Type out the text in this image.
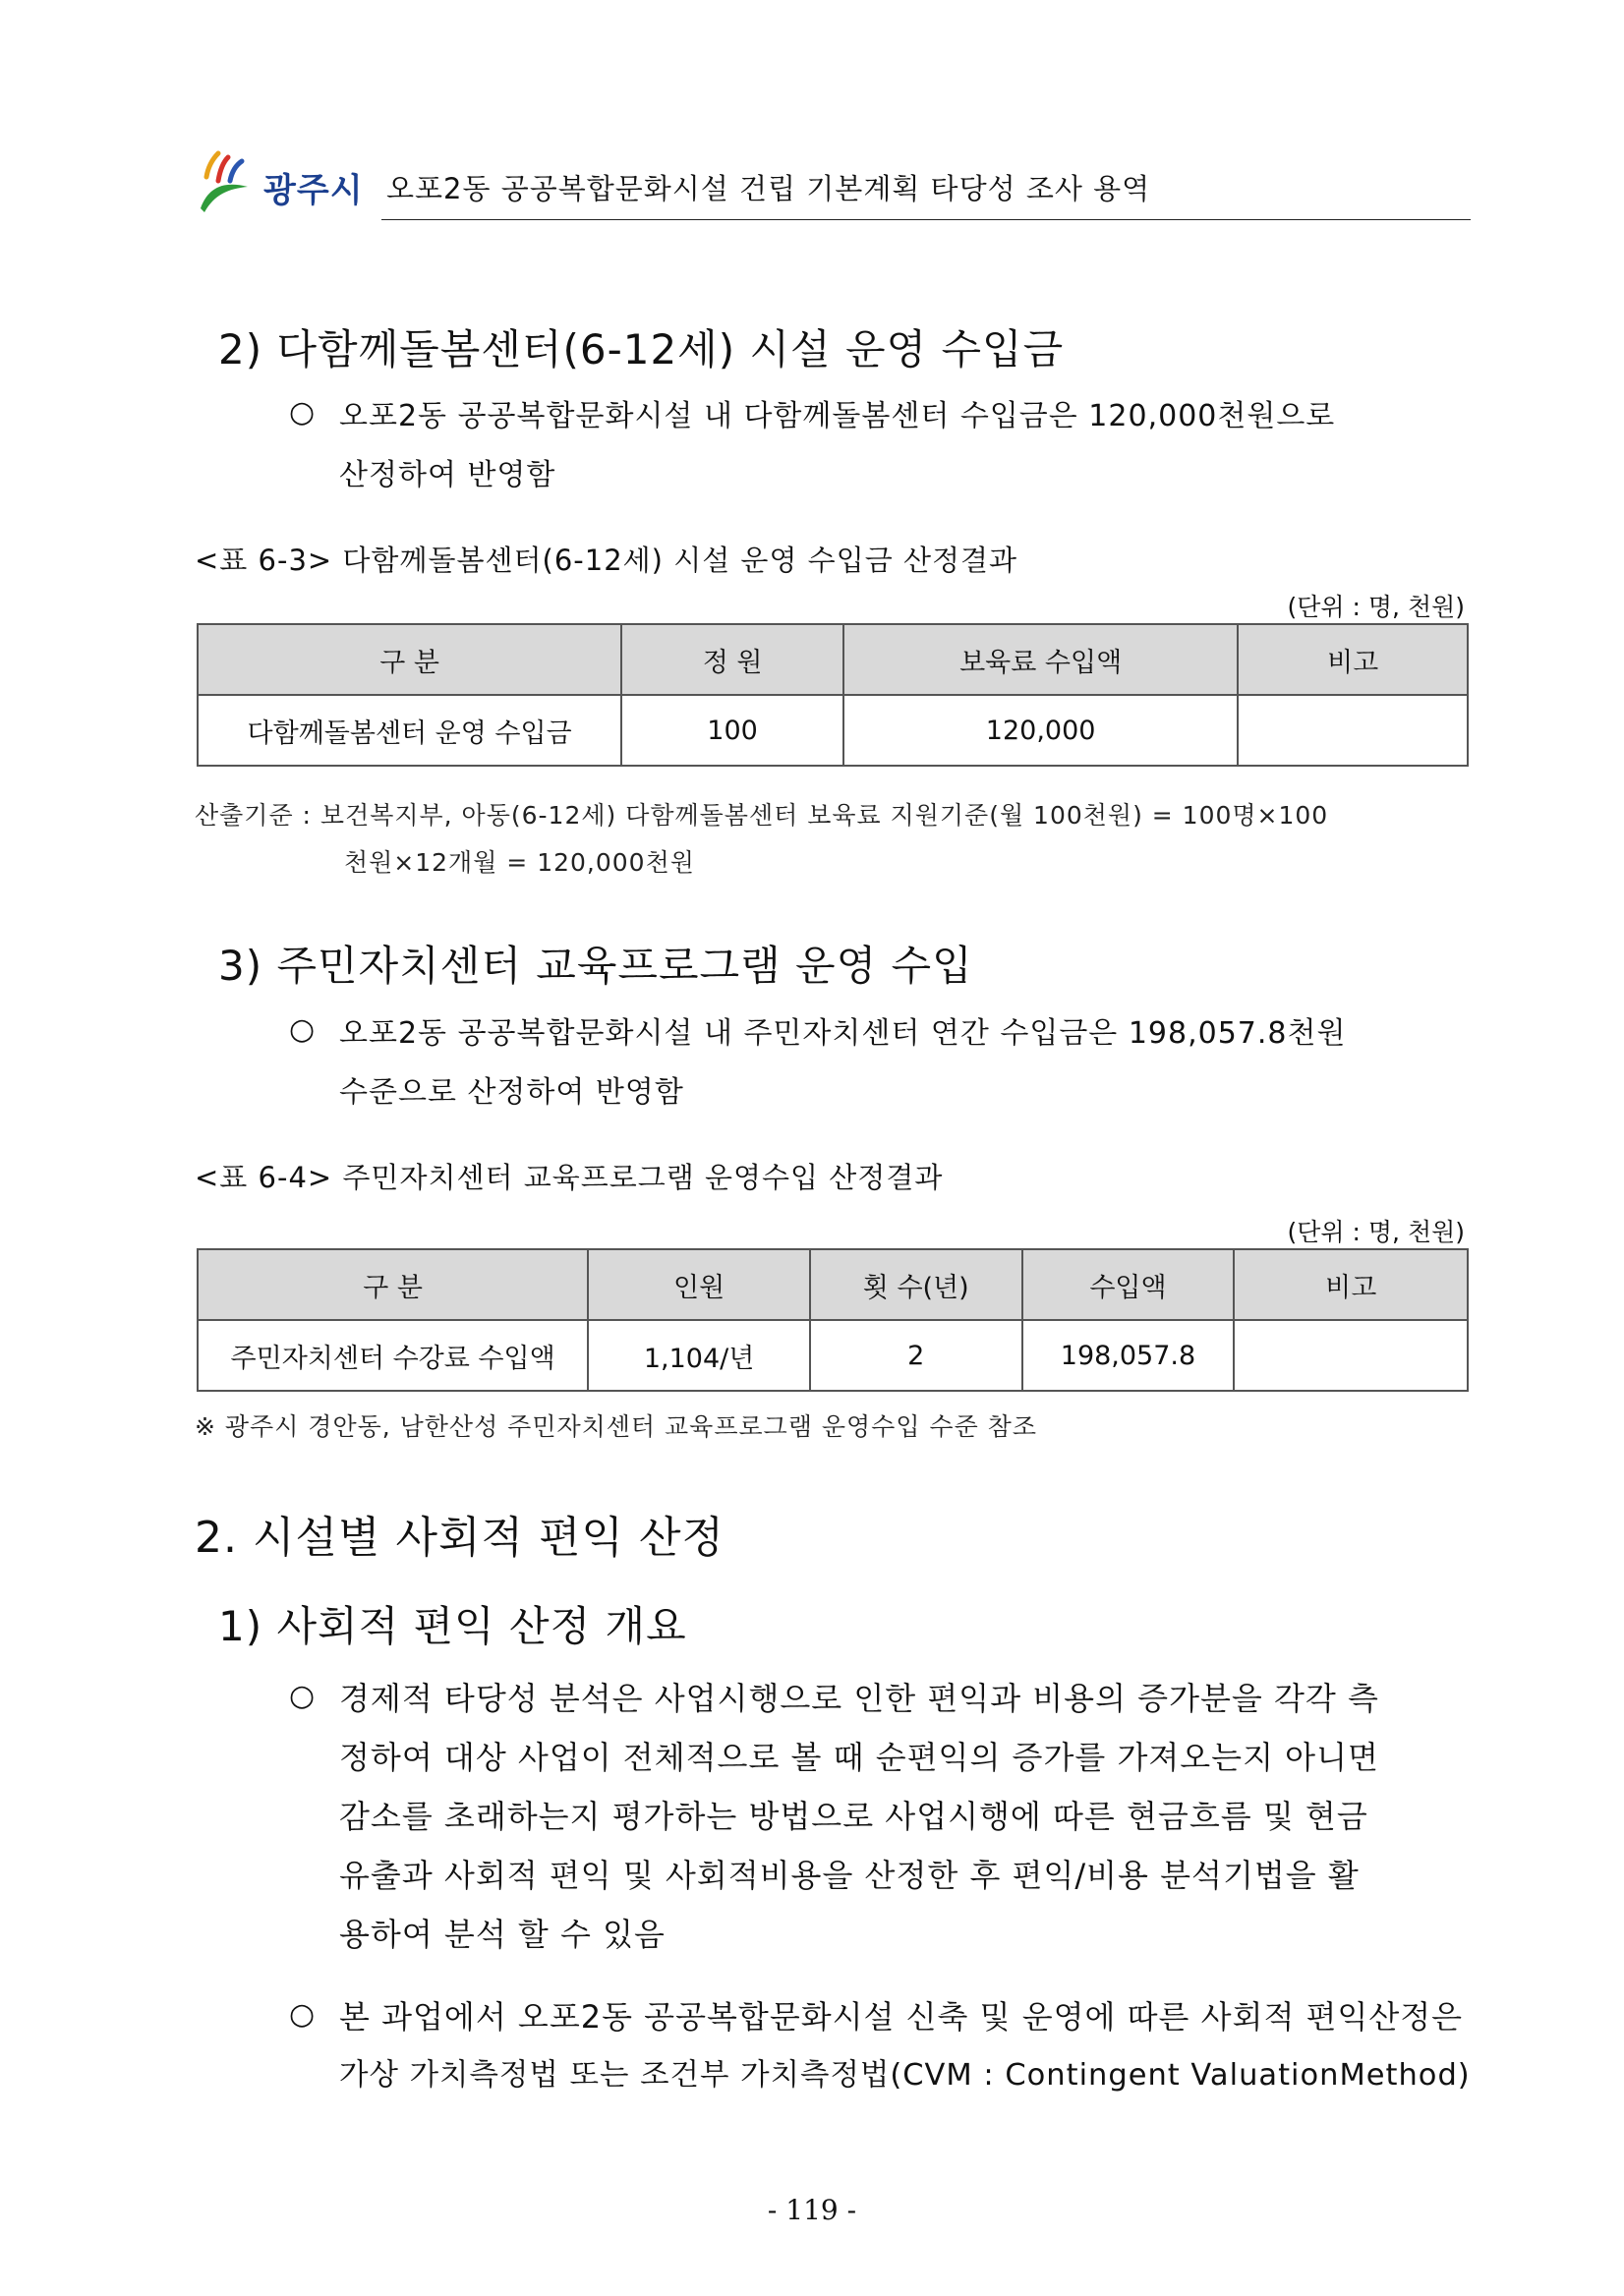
광주시 오포2동 공공복합문화시설 건립 기본계획 타당성 조사 용역
2) 다함께돌봄센터(6-12세) 시설 운영 수입금
○ 오포2동 공공복합문화시설 내 다함께돌봄센터 수입금은 120,000천원으로
산정하여 반영함
<표 6-3> 다함께돌봄센터(6-12세) 시설 운영 수입금 산정결과
(단위 : 명, 천원)
구 분	정 원	보육료 수입액	비고
다함께돌봄센터 운영 수입금	100	120,000	
산출기준 : 보건복지부, 아동(6-12세) 다함께돌봄센터 보육료 지원기준(월 100천원) = 100명×100
천원×12개월 = 120,000천원
3) 주민자치센터 교육프로그램 운영 수입
○ 오포2동 공공복합문화시설 내 주민자치센터 연간 수입금은 198,057.8천원
수준으로 산정하여 반영함
<표 6-4> 주민자치센터 교육프로그램 운영수입 산정결과
(단위 : 명, 천원)
구 분	인원	횟 수(년)	수입액	비고
주민자치센터 수강료 수입액	1,104/년	2	198,057.8	
※ 광주시 경안동, 남한산성 주민자치센터 교육프로그램 운영수입 수준 참조
2. 시설별 사회적 편익 산정
1) 사회적 편익 산정 개요
○ 경제적 타당성 분석은 사업시행으로 인한 편익과 비용의 증가분을 각각 측
정하여 대상 사업이 전체적으로 볼 때 순편익의 증가를 가져오는지 아니면
감소를 초래하는지 평가하는 방법으로 사업시행에 따른 현금흐름 및 현금
유출과 사회적 편익 및 사회적비용을 산정한 후 편익/비용 분석기법을 활
용하여 분석 할 수 있음
○ 본 과업에서 오포2동 공공복합문화시설 신축 및 운영에 따른 사회적 편익산정은
가상 가치측정법 또는 조건부 가치측정법(CVM : Contingent ValuationMethod)
- 119 -
